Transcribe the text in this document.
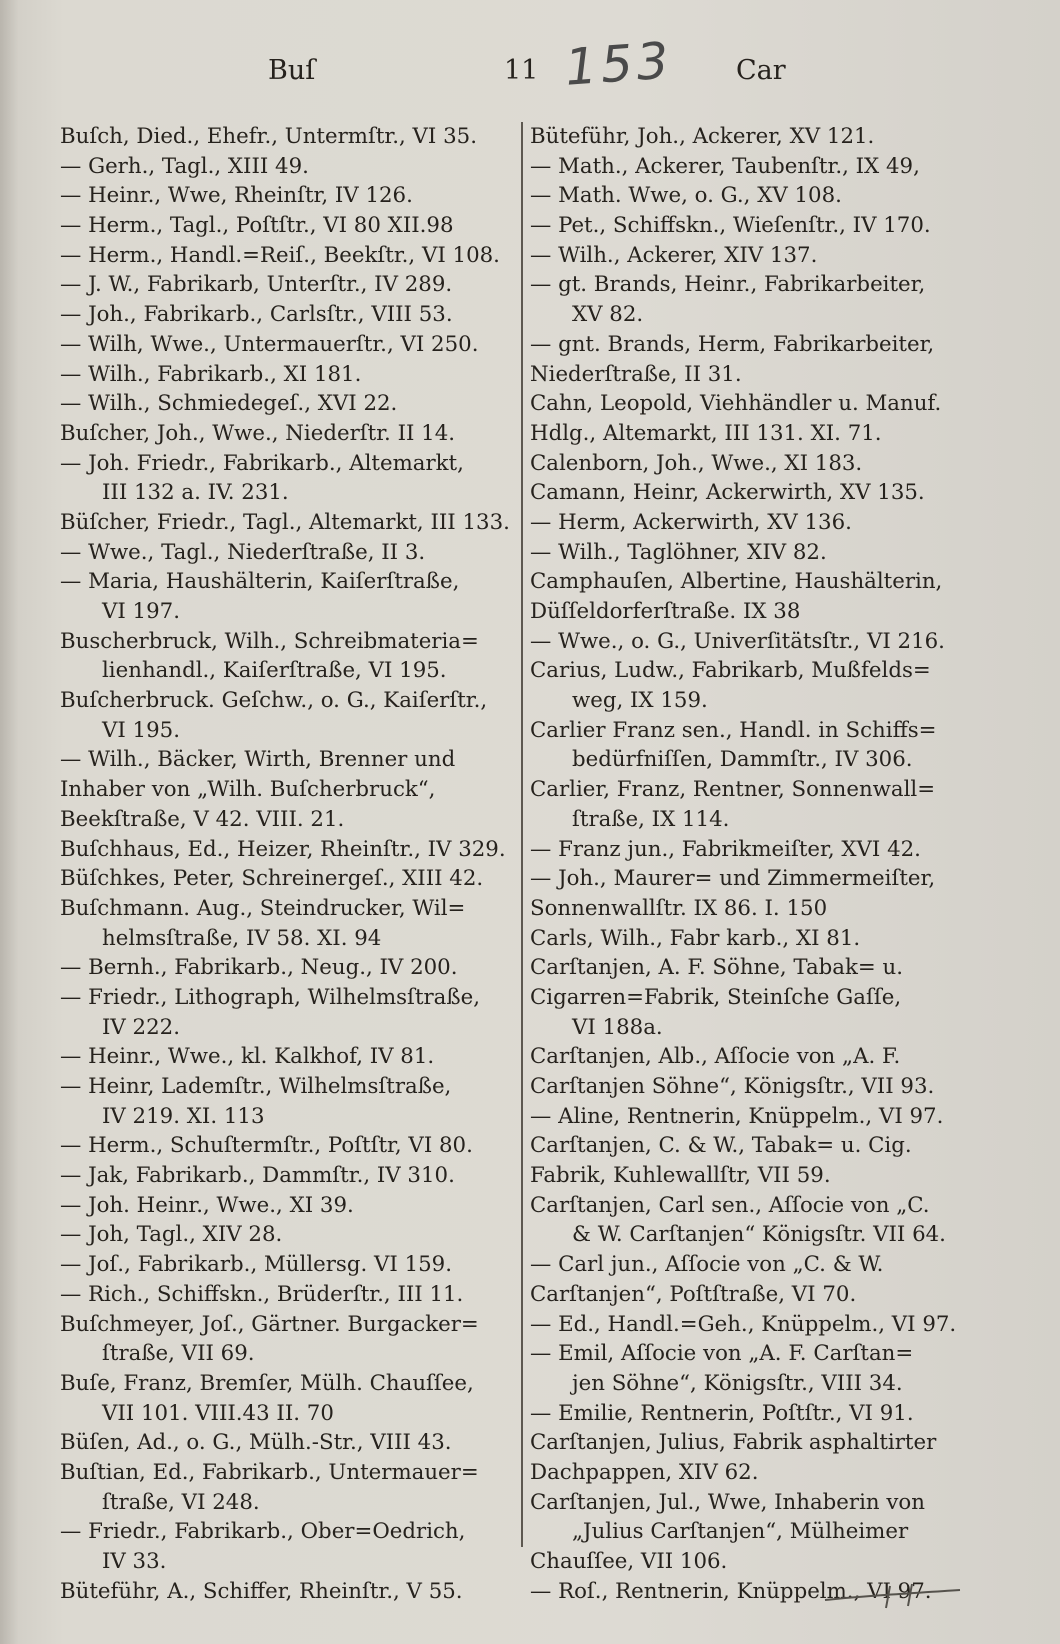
Buſ	11 153 Car
Buſch, Died., Ehefr., Untermſtr., VI 35.
— Gerh., Tagl., XIII 49.
— Heinr., Wwe, Rheinſtr, IV 126.
— Herm., Tagl., Poſtſtr., VI 80 XII.98
— Herm., Handl.=Reiſ., Beekſtr., VI 108.
— J. W., Fabrikarb, Unterſtr., IV 289.
— Joh., Fabrikarb., Carlsſtr., VIII 53.
— Wilh, Wwe., Untermauerſtr., VI 250.
— Wilh., Fabrikarb., XI 181.
— Wilh., Schmiedegeſ., XVI 22.
Buſcher, Joh., Wwe., Niederſtr. II 14.
— Joh. Friedr., Fabrikarb., Altemarkt,
III 132 a. IV. 231.
Büſcher, Friedr., Tagl., Altemarkt, III 133.
— Wwe., Tagl., Niederſtraße, II 3.
— Maria, Haushälterin, Kaiſerſtraße,
VI 197.
Buscherbruck, Wilh., Schreibmateria=
lienhandl., Kaiſerſtraße, VI 195.
Buſcherbruck. Geſchw., o. G., Kaiſerſtr.,
VI 195.
— Wilh., Bäcker, Wirth, Brenner und
Inhaber von „Wilh. Buſcherbruck“,
Beekſtraße, V 42. VIII. 21.
Buſchhaus, Ed., Heizer, Rheinſtr., IV 329.
Büſchkes, Peter, Schreinergeſ., XIII 42.
Buſchmann. Aug., Steindrucker, Wil=
helmsſtraße, IV 58. XI. 94
— Bernh., Fabrikarb., Neug., IV 200.
— Friedr., Lithograph, Wilhelmsſtraße,
IV 222.
— Heinr., Wwe., kl. Kalkhof, IV 81.
— Heinr, Lademſtr., Wilhelmsſtraße,
IV 219. XI. 113
— Herm., Schuſtermſtr., Poſtſtr, VI 80.
— Jak, Fabrikarb., Dammſtr., IV 310.
— Joh. Heinr., Wwe., XI 39.
— Joh, Tagl., XIV 28.
— Joſ., Fabrikarb., Müllersg. VI 159.
— Rich., Schiffskn., Brüderſtr., III 11.
Buſchmeyer, Joſ., Gärtner. Burgacker=
ſtraße, VII 69.
Buſe, Franz, Bremſer, Mülh. Chauſſee,
VII 101. VIII.43 II. 70
Büſen, Ad., o. G., Mülh.-Str., VIII 43.
Buſtian, Ed., Fabrikarb., Untermauer=
ſtraße, VI 248.
— Friedr., Fabrikarb., Ober=Oedrich,
IV 33.
Büteführ, A., Schiffer, Rheinſtr., V 55.
Büteführ, Joh., Ackerer, XV 121.
— Math., Ackerer, Taubenſtr., IX 49,
— Math. Wwe, o. G., XV 108.
— Pet., Schiffskn., Wieſenſtr., IV 170.
— Wilh., Ackerer, XIV 137.
— gt. Brands, Heinr., Fabrikarbeiter,
XV 82.
— gnt. Brands, Herm, Fabrikarbeiter,
Niederſtraße, II 31.
Cahn, Leopold, Viehhändler u. Manuf.
Hdlg., Altemarkt, III 131. XI. 71.
Calenborn, Joh., Wwe., XI 183.
Camann, Heinr, Ackerwirth, XV 135.
— Herm, Ackerwirth, XV 136.
— Wilh., Taglöhner, XIV 82.
Camphauſen, Albertine, Haushälterin,
Düſſeldorferſtraße. IX 38
— Wwe., o. G., Univerſitätsſtr., VI 216.
Carius, Ludw., Fabrikarb, Mußfelds=
weg, IX 159.
Carlier Franz sen., Handl. in Schiffs=
bedürfniſſen, Dammſtr., IV 306.
Carlier, Franz, Rentner, Sonnenwall=
ſtraße, IX 114.
— Franz jun., Fabrikmeiſter, XVI 42.
— Joh., Maurer= und Zimmermeiſter,
Sonnenwallſtr. IX 86. I. 150
Carls, Wilh., Fabr karb., XI 81.
Carſtanjen, A. F. Söhne, Tabak= u.
Cigarren=Fabrik, Steinſche Gaſſe,
VI 188a.
Carſtanjen, Alb., Aſſocie von „A. F.
Carſtanjen Söhne“, Königsſtr., VII 93.
— Aline, Rentnerin, Knüppelm., VI 97.
Carſtanjen, C. & W., Tabak= u. Cig.
Fabrik, Kuhlewallſtr, VII 59.
Carſtanjen, Carl sen., Aſſocie von „C.
& W. Carſtanjen“ Königsſtr. VII 64.
— Carl jun., Aſſocie von „C. & W.
Carſtanjen“, Poſtſtraße, VI 70.
— Ed., Handl.=Geh., Knüppelm., VI 97.
— Emil, Aſſocie von „A. F. Carſtan=
jen Söhne“, Königsſtr., VIII 34.
— Emilie, Rentnerin, Poſtſtr., VI 91.
Carſtanjen, Julius, Fabrik asphaltirter
Dachpappen, XIV 62.
Carſtanjen, Jul., Wwe, Inhaberin von
„Julius Carſtanjen“, Mülheimer
Chauſſee, VII 106.
— Roſ., Rentnerin, Knüppelm., VI 97.
